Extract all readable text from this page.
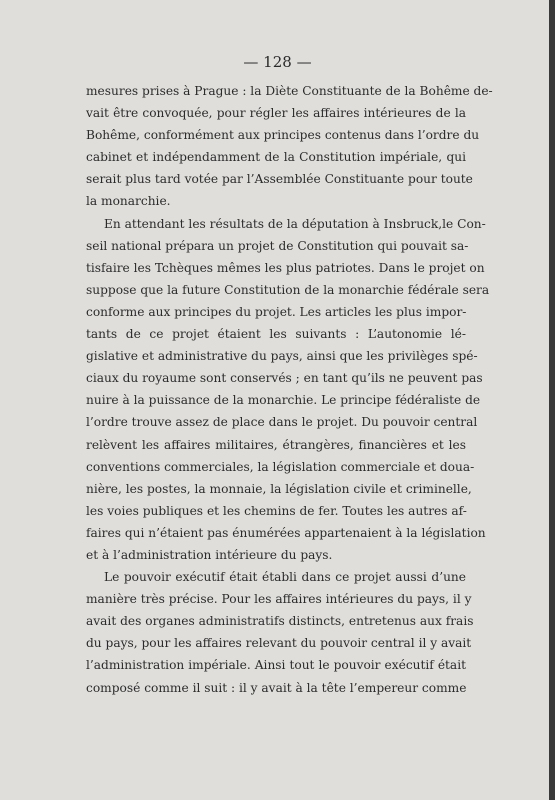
— 128 —

mesures prises à Prague : la Diète Constituante de la Bohême de-
vait être convoquée, pour régler les affaires intérieures de la
Bohême, conformément aux principes contenus dans l’ordre du
cabinet et indépendamment de la Constitution impériale, qui
serait plus tard votée par l’Assemblée Constituante pour toute
la monarchie.

En attendant les résultats de la députation à Insbruck,le Con-
seil national prépara un projet de Constitution qui pouvait sa-
tisfaire les Tchèques mêmes les plus patriotes. Dans le projet on
suppose que la future Constitution de la monarchie fédérale sera
conforme aux principes du projet. Les articles les plus impor-
tants de ce projet étaient les suivants : L’autonomie lé-
gislative et administrative du pays, ainsi que les privilèges spé-
ciaux du royaume sont conservés ; en tant qu’ils ne peuvent pas
nuire à la puissance de la monarchie. Le principe fédéraliste de
l’ordre trouve assez de place dans le projet. Du pouvoir central
relèvent les affaires militaires, étrangères, financières et les
conventions commerciales, la législation commerciale et doua-
nière, les postes, la monnaie, la législation civile et criminelle,
les voies publiques et les chemins de fer. Toutes les autres af-
faires qui n’étaient pas énumérées appartenaient à la législation
et à l’administration intérieure du pays.

Le pouvoir exécutif était établi dans ce projet aussi d’une
manière très précise. Pour les affaires intérieures du pays, il y
avait des organes administratifs distincts, entretenus aux frais
du pays, pour les affaires relevant du pouvoir central il y avait
l’administration impériale. Ainsi tout le pouvoir exécutif était
composé comme il suit : il y avait à la tête l’empereur comme
